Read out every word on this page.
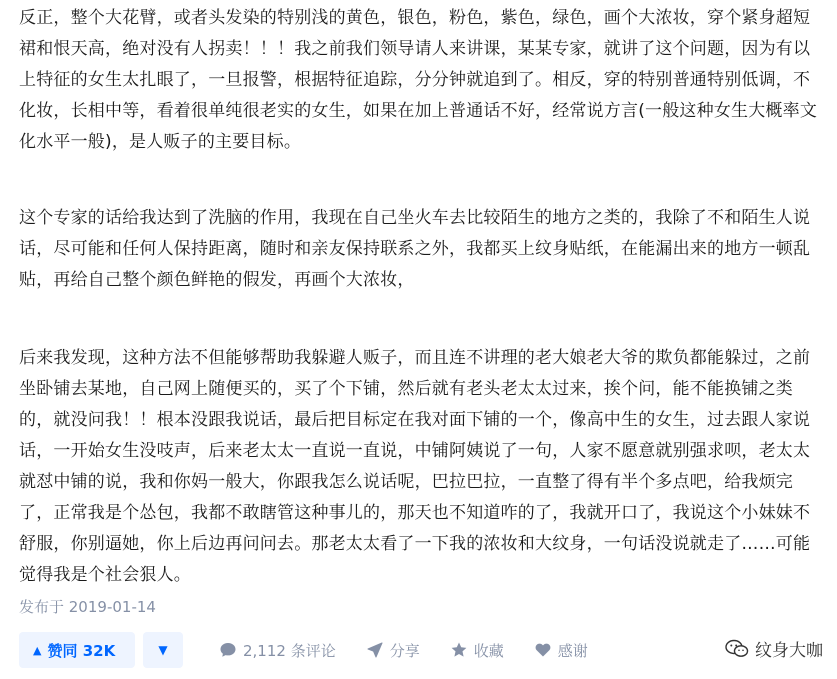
反正，整个大花臂，或者头发染的特别浅的黄色，银色，粉色，紫色，绿色，画个大浓妆，穿个紧身超短裙和恨天高，绝对没有人拐卖！！！我之前我们领导请人来讲课，某某专家，就讲了这个问题，因为有以上特征的女生太扎眼了，一旦报警，根据特征追踪，分分钟就追到了。相反，穿的特别普通特别低调，不化妆，长相中等，看着很单纯很老实的女生，如果在加上普通话不好，经常说方言(一般这种女生大概率文化水平一般)，是人贩子的主要目标。

这个专家的话给我达到了洗脑的作用，我现在自己坐火车去比较陌生的地方之类的，我除了不和陌生人说话，尽可能和任何人保持距离，随时和亲友保持联系之外，我都买上纹身贴纸，在能漏出来的地方一顿乱贴，再给自己整个颜色鲜艳的假发，再画个大浓妆，

后来我发现，这种方法不但能够帮助我躲避人贩子，而且连不讲理的老大娘老大爷的欺负都能躲过，之前坐卧铺去某地，自己网上随便买的，买了个下铺，然后就有老头老太太过来，挨个问，能不能换铺之类的，就没问我！！根本没跟我说话，最后把目标定在我对面下铺的一个，像高中生的女生，过去跟人家说话，一开始女生没吱声，后来老太太一直说一直说，中铺阿姨说了一句，人家不愿意就别强求呗，老太太就怼中铺的说，我和你妈一般大，你跟我怎么说话呢，巴拉巴拉，一直整了得有半个多点吧，给我烦完了，正常我是个怂包，我都不敢瞎管这种事儿的，那天也不知道咋的了，我就开口了，我说这个小妹妹不舒服，你别逼她，你上后边再问问去。那老太太看了一下我的浓妆和大纹身，一句话没说就走了……可能觉得我是个社会狠人。

发布于 2019-01-14
▲ 赞同 32K	▼	2,112 条评论	分享	收藏	感谢	纹身大咖
